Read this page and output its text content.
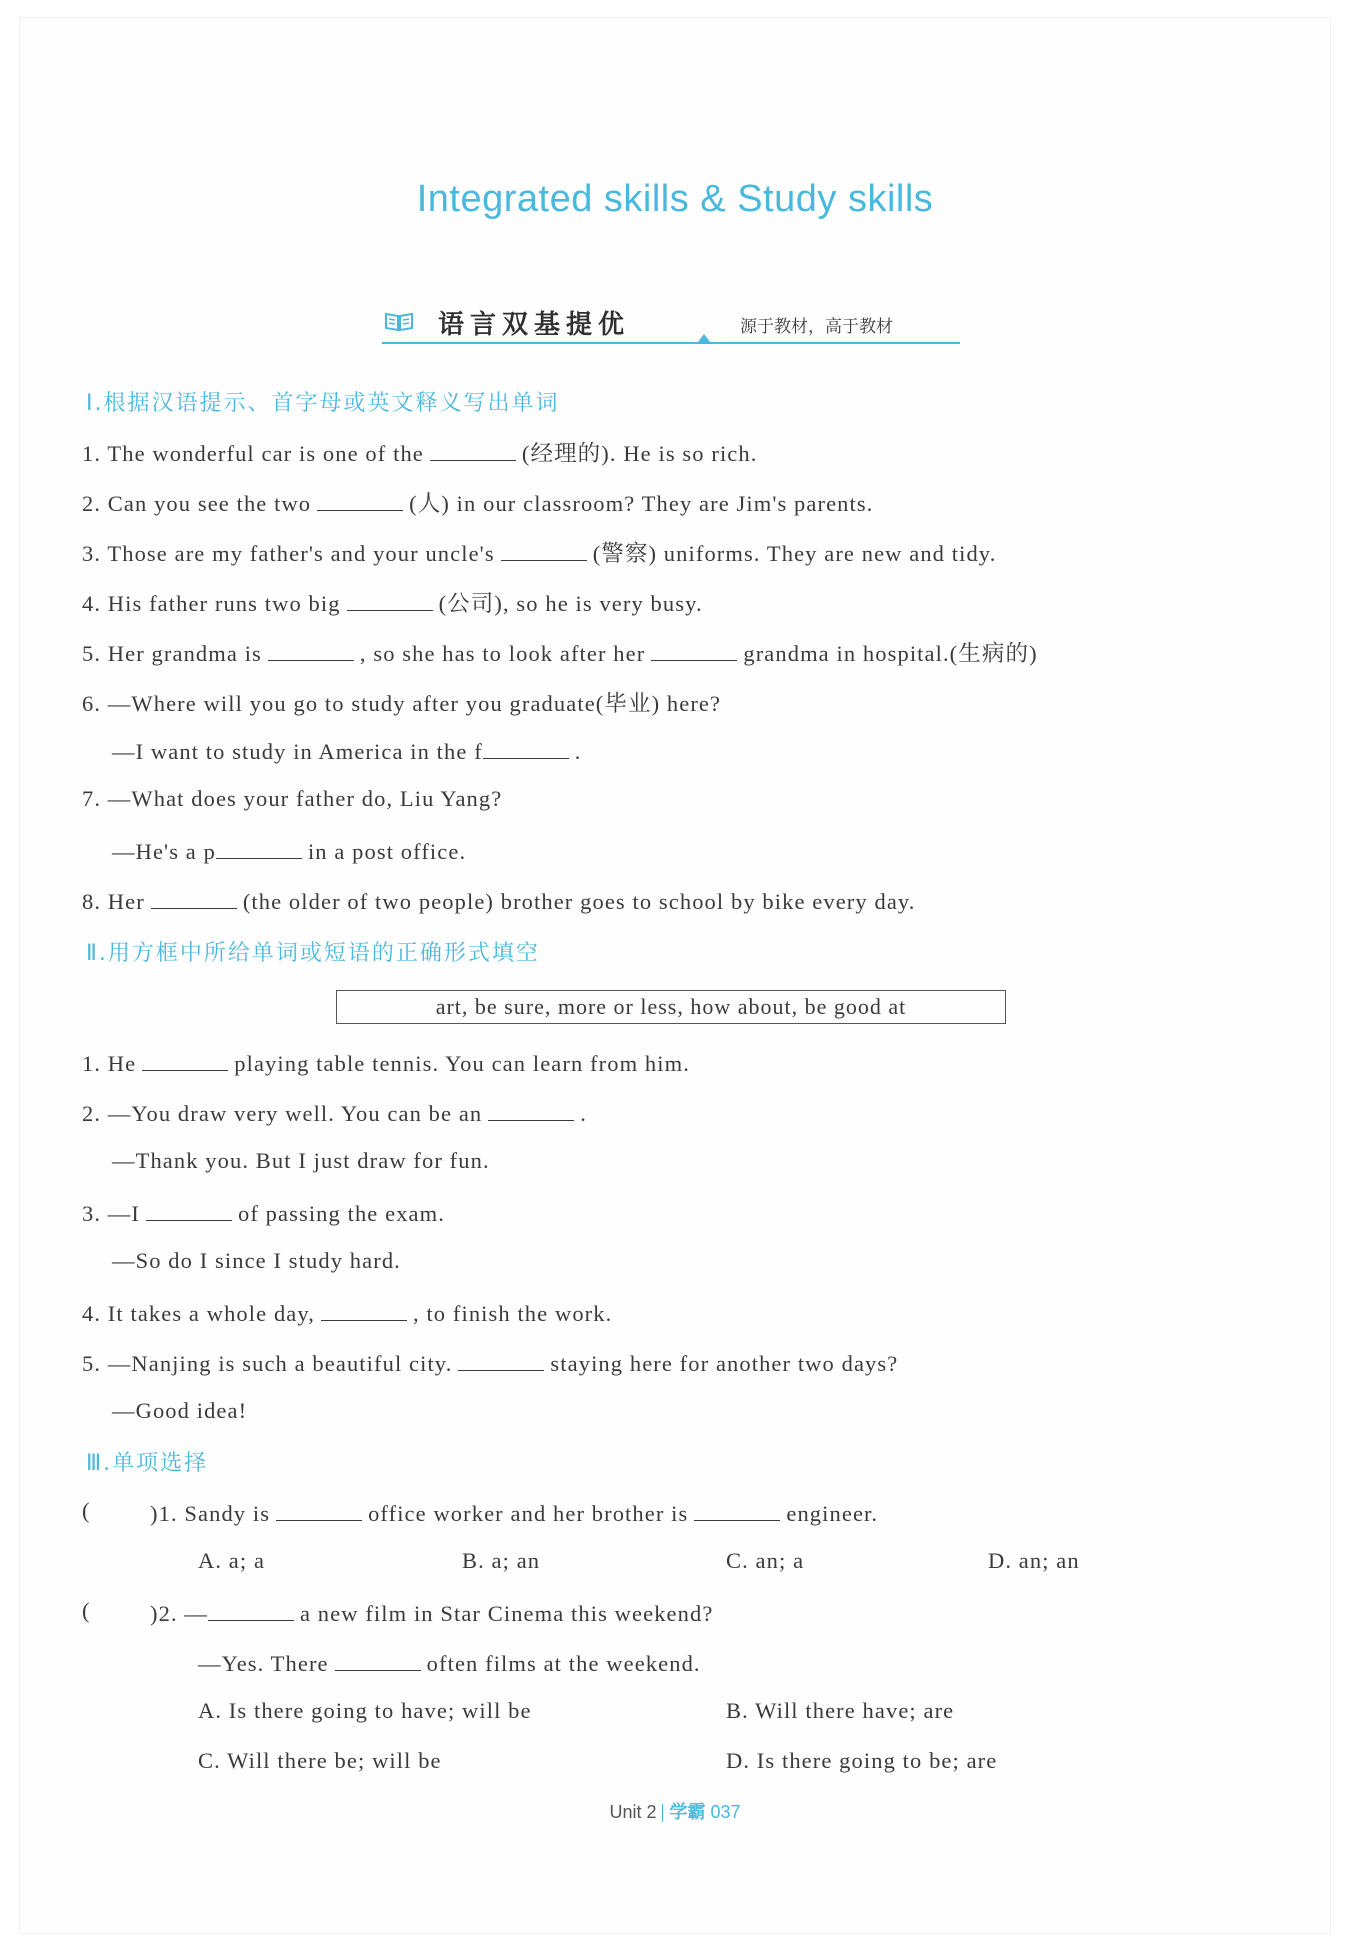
Integrated skills & Study skills
语言双基提优	源于教材，高于教材
Ⅰ.根据汉语提示、首字母或英文释义写出单词
1. The wonderful car is one of the	(经理的). He is so rich.
2. Can you see the two	(人) in our classroom? They are Jim's parents.
3. Those are my father's and your uncle's	(警察) uniforms. They are new and tidy.
4. His father runs two big	(公司), so he is very busy.
5. Her grandma is	, so she has to look after her	grandma in hospital.(生病的)
6. —Where will you go to study after you graduate(毕业) here?
—I want to study in America in the f	.
7. —What does your father do, Liu Yang?
—He's a p	in a post office.
8. Her	(the older of two people) brother goes to school by bike every day.
Ⅱ.用方框中所给单词或短语的正确形式填空
art, be sure, more or less, how about, be good at
1. He	playing table tennis. You can learn from him.
2. —You draw very well. You can be an	.
—Thank you. But I just draw for fun.
3. —I	of passing the exam.
—So do I since I study hard.
4. It takes a whole day,	, to finish the work.
5. —Nanjing is such a beautiful city.	staying here for another two days?
—Good idea!
Ⅲ.单项选择
(	)1. Sandy is	office worker and her brother is	engineer.
A. a; a	B. a; an	C. an; a	D. an; an
(	)2. —	a new film in Star Cinema this weekend?
—Yes. There	often films at the weekend.
A. Is there going to have; will be	B. Will there have; are
C. Will there be; will be	D. Is there going to be; are
Unit 2 学霸 037
